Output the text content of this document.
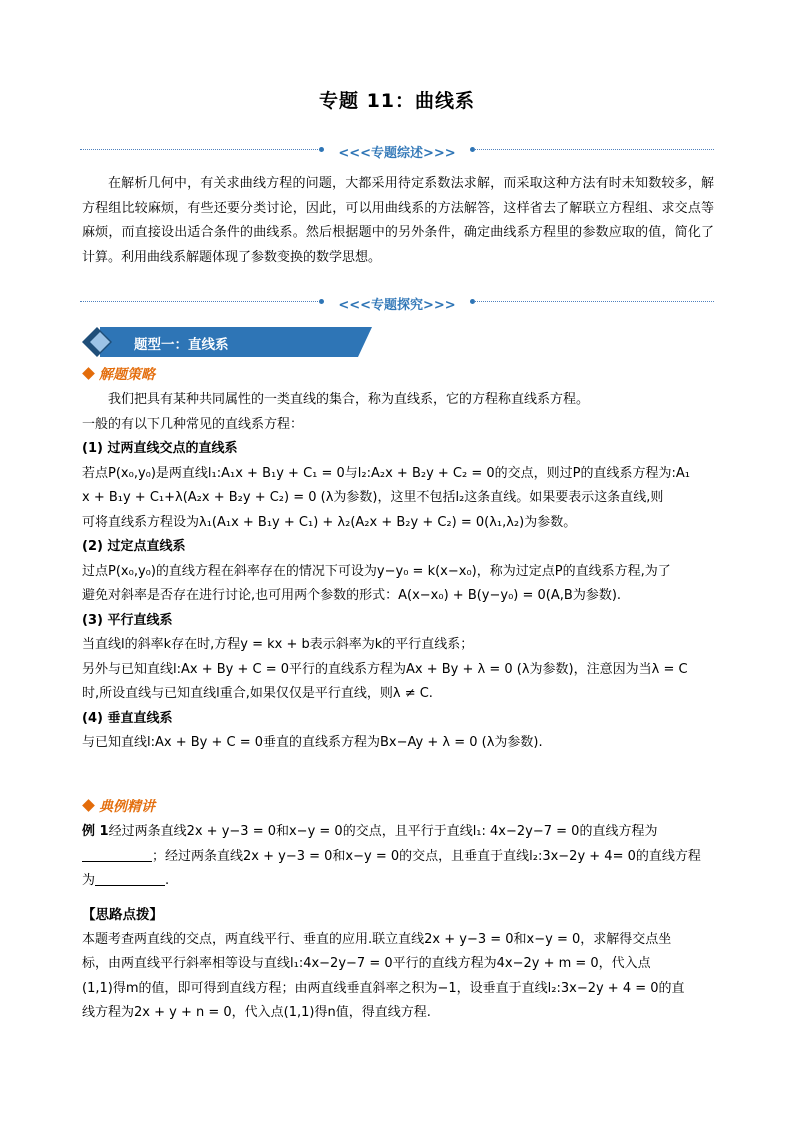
专题 11：曲线系
<<<专题综述>>>
在解析几何中，有关求曲线方程的问题，大都采用待定系数法求解，而采取这种方法有时未知数较多，解方程组比较麻烦，有些还要分类讨论，因此，可以用曲线系的方法解答，这样省去了解联立方程组、求交点等麻烦，而直接设出适合条件的曲线系。然后根据题中的另外条件，确定曲线系方程里的参数应取的值，简化了计算。利用曲线系解题体现了参数变换的数学思想。
<<<专题探究>>>
题型一：直线系
解题策略
我们把具有某种共同属性的一类直线的集合，称为直线系，它的方程称直线系方程。
一般的有以下几种常见的直线系方程：
(1) 过两直线交点的直线系
若点P(x₀,y₀)是两直线l₁:A₁x + B₁y + C₁ = 0与l₂:A₂x + B₂y + C₂ = 0的交点，则过P的直线系方程为:A₁
x + B₁y + C₁+λ(A₂x + B₂y + C₂) = 0 (λ为参数)，这里不包括l₂这条直线。如果要表示这条直线,则
可将直线系方程设为λ₁(A₁x + B₁y + C₁) + λ₂(A₂x + B₂y + C₂) = 0(λ₁,λ₂)为参数。
(2) 过定点直线系
过点P(x₀,y₀)的直线方程在斜率存在的情况下可设为y−y₀ = k(x−x₀)，称为过定点P的直线系方程,为了
避免对斜率是否存在进行讨论,也可用两个参数的形式：A(x−x₀) + B(y−y₀) = 0(A,B为参数).
(3) 平行直线系
当直线l的斜率k存在时,方程y = kx + b表示斜率为k的平行直线系；
另外与已知直线l:Ax + By + C = 0平行的直线系方程为Ax + By + λ = 0 (λ为参数)，注意因为当λ = C
时,所设直线与已知直线l重合,如果仅仅是平行直线，则λ ≠ C.
(4) 垂直直线系
与已知直线l:Ax + By + C = 0垂直的直线系方程为Bx−Ay + λ = 0 (λ为参数).
典例精讲
例 1经过两条直线2x + y−3 = 0和x−y = 0的交点，且平行于直线l₁: 4x−2y−7 = 0的直线方程为
；经过两条直线2x + y−3 = 0和x−y = 0的交点，且垂直于直线l₂:3x−2y + 4= 0的直线方程
为	.
【思路点拨】
本题考查两直线的交点，两直线平行、垂直的应用.联立直线2x + y−3 = 0和x−y = 0，求解得交点坐
标，由两直线平行斜率相等设与直线l₁:4x−2y−7 = 0平行的直线方程为4x−2y + m = 0，代入点
(1,1)得m的值，即可得到直线方程；由两直线垂直斜率之积为−1，设垂直于直线l₂:3x−2y + 4 = 0的直
线方程为2x + y + n = 0，代入点(1,1)得n值，得直线方程.
